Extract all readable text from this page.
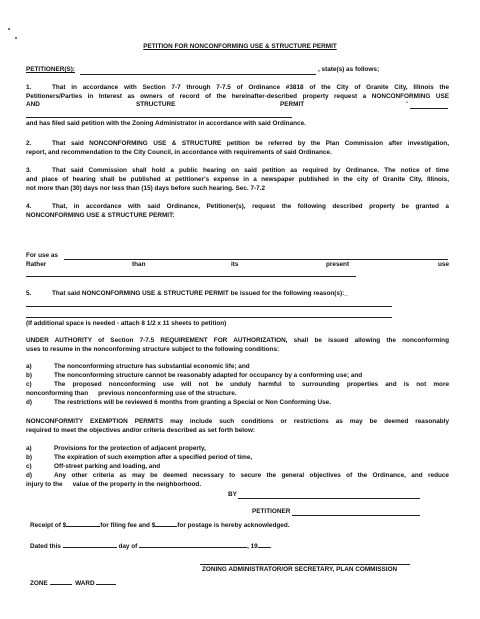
PETITION FOR NONCONFORMING USE & STRUCTURE PERMIT
PETITIONER(S):	, state(s) as follows;
1.	That in accordance with Section 7-7 through 7-7.5 of Ordinance #3818 of the City of Granite City, Illinois the
Petitioners/Parties in Interest as owners of record of the hereinafter-described property request a NONCONFORMING USE
AND	STRUCTURE	PERMIT	-
and has filed said petition with the Zoning Administrator in accordance with said Ordinance.
2.	That said NONCONFORMING USE & STRUCTURE petition be referred by the Plan Commission after investigation,
report, and recommendation to the City Council, in accordance with requirements of said Ordinance.
3.	That said Commission shall hold a public hearing on said petition as required by Ordinance. The notice of time
and place of hearing shall be published at petitioner's expense in a newspaper published in the city of Granite City, Illinois,
not more than (30) days nor less than (15) days before such hearing. Sec. 7-7.2
4.	That, in accordance with said Ordinance, Petitioner(s), request the following described property be granted a
NONCONFORMING USE & STRUCTURE PERMIT:
For use as
Rather	than	its	present	use
5.	That said NONCONFORMING USE & STRUCTURE PERMIT be issued for the following reason(s):_
(If additional space is needed - attach 8 1/2 x 11 sheets to petition)
UNDER AUTHORITY of Section 7-7.5 REQUIREMENT FOR AUTHORIZATION, shall be issued allowing the nonconforming
uses to resume in the nonconforming structure subject to the following conditions:
a)	The nonconforming structure has substantial economic life; and
b)	The nonconforming structure cannot be reasonably adapted for occupancy by a conforming use; and
c)	The proposed nonconforming use will not be unduly harmful to surrounding properties and is not more
nonconforming than previous nonconforming use of the structure.
d)	The restrictions will be reviewed 6 months from granting a Special or Non Conforming Use.
NONCONFORMITY EXEMPTION PERMITS may include such conditions or restrictions as may be deemed reasonably
required to meet the objectives and/or criteria described as set forth below:
a)	Provisions for the protection of adjacent property,
b)	The expiration of such exemption after a specified period of time,
c)	Off-street parking and loading, and
d)	Any other criteria as may be deemed necessary to secure the general objectives of the Ordinance, and reduce
injury to the value of the property in the neighborhood.
BY
PETITIONER
Receipt of $	for filing fee and $	for postage is hereby acknowledged.
Dated this	day of	, 19 .
ZONING ADMINISTRATOR/OR SECRETARY, PLAN COMMISSION
ZONE	WARD
